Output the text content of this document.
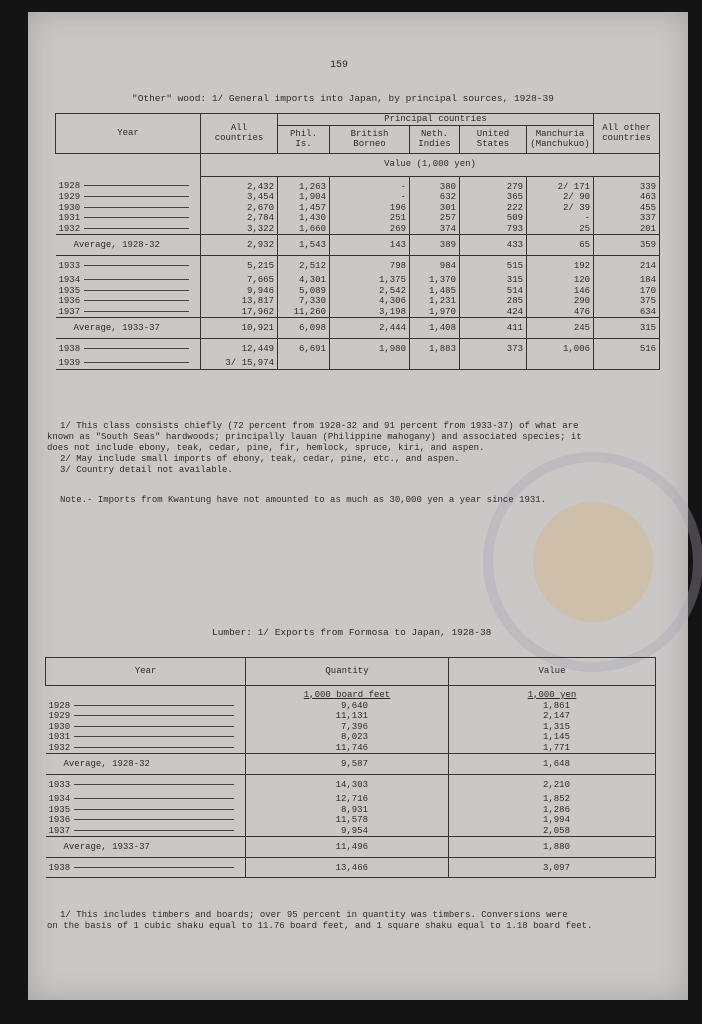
159
"Other" wood: 1/ General imports into Japan, by principal sources, 1928-39
Year	All countries	Principal countries					All other countries
		Phil. Is.	British Borneo	Neth. Indies	United States	Manchuria (Manchukuo)	
	Value (1,000 yen)						
1928	2,432	1,263	-	380	279	2/ 171	339
1929	3,454	1,904	-	632	365	2/ 90	463
1930	2,670	1,457	196	301	222	2/ 39	455
1931	2,784	1,430	251	257	509	-	337
1932	3,322	1,660	269	374	793	25	201
Average, 1928-32	2,932	1,543	143	389	433	65	359
1933	5,215	2,512	798	984	515	192	214
1934	7,665	4,301	1,375	1,370	315	120	184
1935	9,946	5,089	2,542	1,485	514	146	170
1936	13,817	7,330	4,306	1,231	285	290	375
1937	17,962	11,260	3,198	1,970	424	476	634
Average, 1933-37	10,921	6,098	2,444	1,408	411	245	315
1938	12,449	6,691	1,980	1,883	373	1,006	516
1939	3/ 15,974						
1/ This class consists chiefly (72 percent from 1928-32 and 91 percent from 1933-37) of what are
known as "South Seas" hardwoods; principally lauan (Philippine mahogany) and associated species; it
does not include ebony, teak, cedar, pine, fir, hemlock, spruce, kiri, and aspen.
2/ May include small imports of ebony, teak, cedar, pine, etc., and aspen.
3/ Country detail not available.
Note.- Imports from Kwantung have not amounted to as much as 30,000 yen a year since 1931.
Lumber: 1/ Exports from Formosa to Japan, 1928-38
Year	Quantity	Value
	1,000 board feet	1,000 yen
1928	9,640	1,861
1929	11,131	2,147
1930	7,396	1,315
1931	8,023	1,145
1932	11,746	1,771
Average, 1928-32	9,587	1,648
1933	14,303	2,210
1934	12,716	1,852
1935	8,931	1,286
1936	11,578	1,994
1937	9,954	2,058
Average, 1933-37	11,496	1,880
1938	13,466	3,097
1/ This includes timbers and boards; over 95 percent in quantity was timbers. Conversions were
on the basis of 1 cubic shaku equal to 11.76 board feet, and 1 square shaku equal to 1.18 board feet.
